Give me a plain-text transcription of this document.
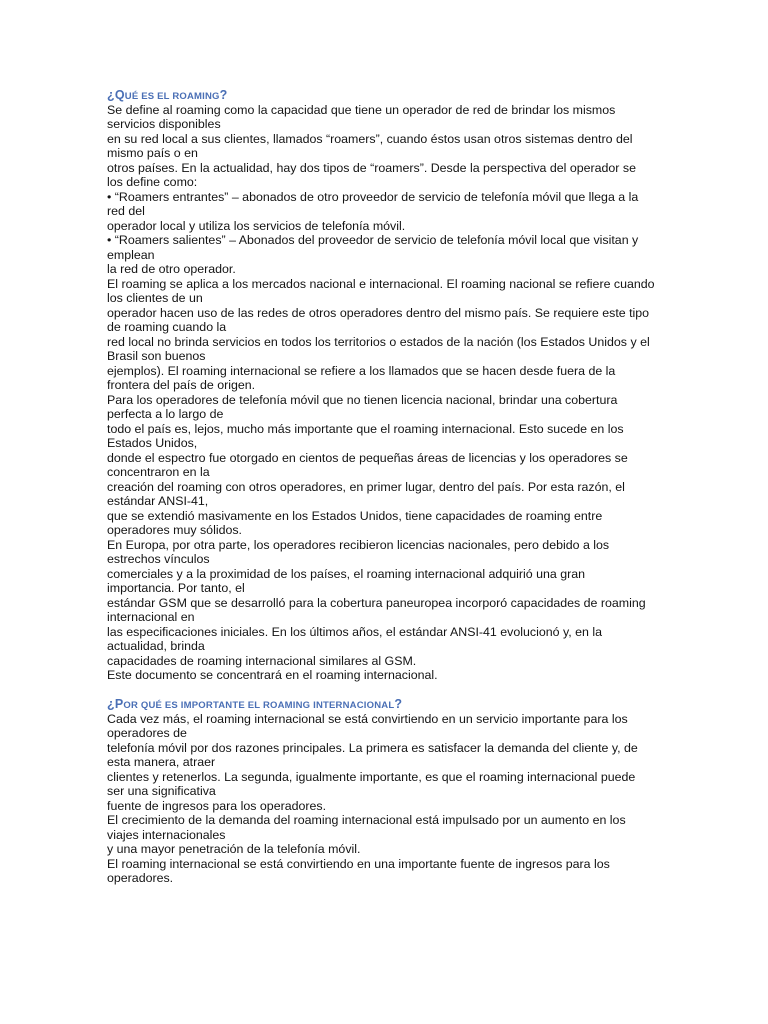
¿QUÉ ES EL ROAMING?
Se define al roaming como la capacidad que tiene un operador de red de brindar los mismos
servicios disponibles
en su red local a sus clientes, llamados “roamers”, cuando éstos usan otros sistemas dentro del
mismo país o en
otros países. En la actualidad, hay dos tipos de “roamers”. Desde la perspectiva del operador se
los define como:
• “Roamers entrantes” – abonados de otro proveedor de servicio de telefonía móvil que llega a la
red del
operador local y utiliza los servicios de telefonía móvil.
• “Roamers salientes” – Abonados del proveedor de servicio de telefonía móvil local que visitan y
emplean
la red de otro operador.
El roaming se aplica a los mercados nacional e internacional. El roaming nacional se refiere cuando
los clientes de un
operador hacen uso de las redes de otros operadores dentro del mismo país. Se requiere este tipo
de roaming cuando la
red local no brinda servicios en todos los territorios o estados de la nación (los Estados Unidos y el
Brasil son buenos
ejemplos). El roaming internacional se refiere a los llamados que se hacen desde fuera de la
frontera del país de origen.
Para los operadores de telefonía móvil que no tienen licencia nacional, brindar una cobertura
perfecta a lo largo de
todo el país es, lejos, mucho más importante que el roaming internacional. Esto sucede en los
Estados Unidos,
donde el espectro fue otorgado en cientos de pequeñas áreas de licencias y los operadores se
concentraron en la
creación del roaming con otros operadores, en primer lugar, dentro del país. Por esta razón, el
estándar ANSI-41,
que se extendió masivamente en los Estados Unidos, tiene capacidades de roaming entre
operadores muy sólidos.
En Europa, por otra parte, los operadores recibieron licencias nacionales, pero debido a los
estrechos vínculos
comerciales y a la proximidad de los países, el roaming internacional adquirió una gran
importancia. Por tanto, el
estándar GSM que se desarrolló para la cobertura paneuropea incorporó capacidades de roaming
internacional en
las especificaciones iniciales. En los últimos años, el estándar ANSI-41 evolucionó y, en la
actualidad, brinda
capacidades de roaming internacional similares al GSM.
Este documento se concentrará en el roaming internacional.
¿POR QUÉ ES IMPORTANTE EL ROAMING INTERNACIONAL?
Cada vez más, el roaming internacional se está convirtiendo en un servicio importante para los
operadores de
telefonía móvil por dos razones principales. La primera es satisfacer la demanda del cliente y, de
esta manera, atraer
clientes y retenerlos. La segunda, igualmente importante, es que el roaming internacional puede
ser una significativa
fuente de ingresos para los operadores.
El crecimiento de la demanda del roaming internacional está impulsado por un aumento en los
viajes internacionales
y una mayor penetración de la telefonía móvil.
El roaming internacional se está convirtiendo en una importante fuente de ingresos para los
operadores.
